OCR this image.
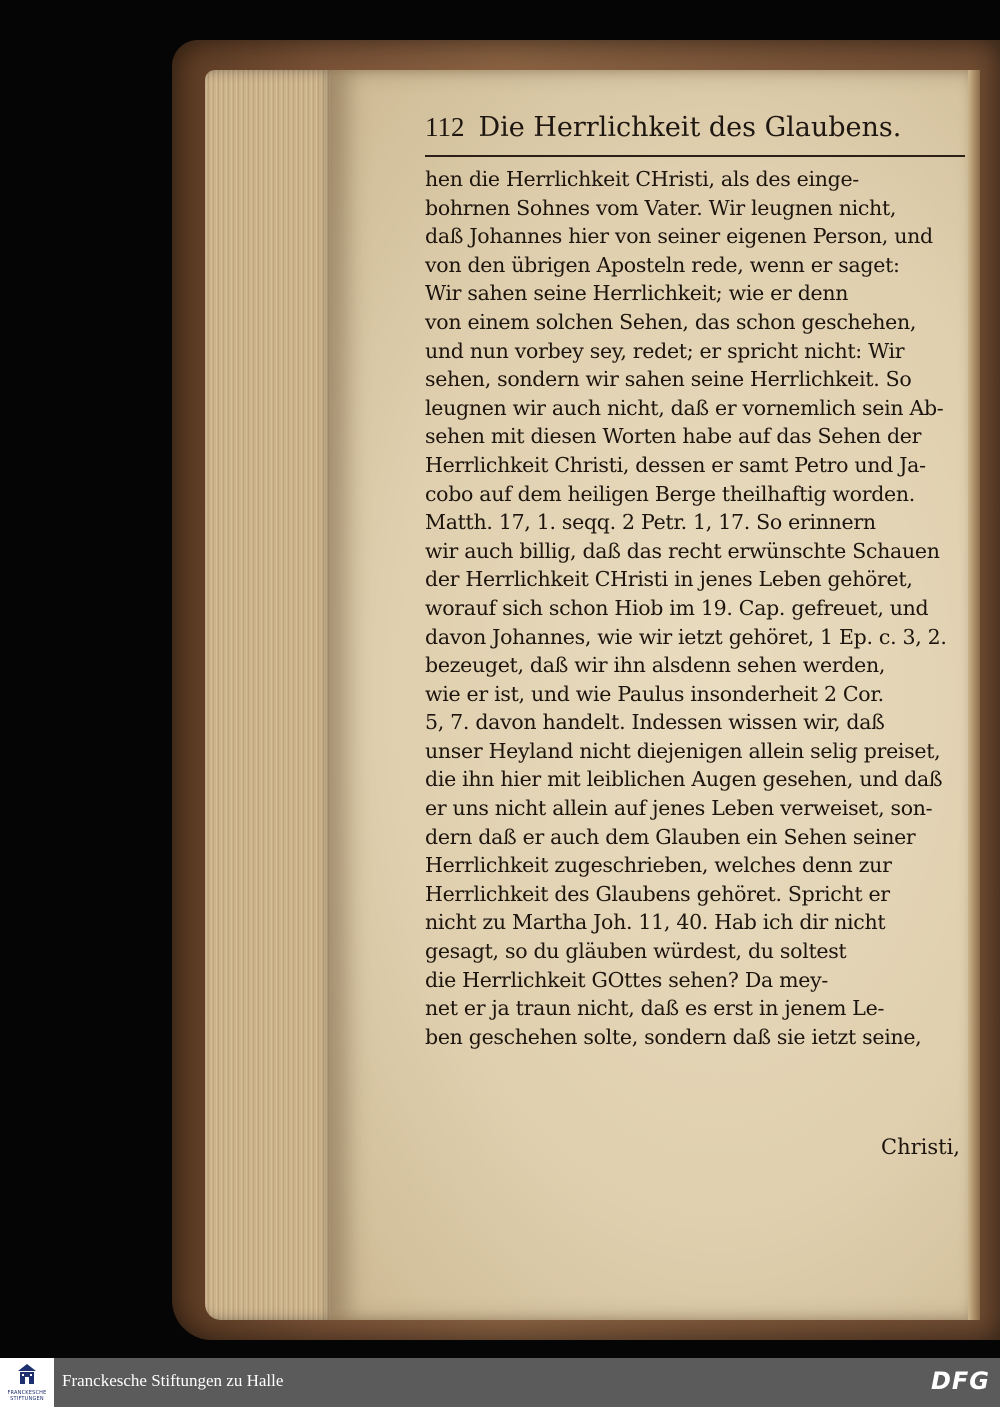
112 Die Herrlichkeit des Glaubens.
hen die Herrlichkeit CHristi, als des einge-
bohrnen Sohnes vom Vater. Wir leugnen nicht,
daß Johannes hier von seiner eigenen Person, und
von den übrigen Aposteln rede, wenn er saget:
Wir sahen seine Herrlichkeit; wie er denn
von einem solchen Sehen, das schon geschehen,
und nun vorbey sey, redet; er spricht nicht: Wir
sehen, sondern wir sahen seine Herrlichkeit. So
leugnen wir auch nicht, daß er vornemlich sein Ab-
sehen mit diesen Worten habe auf das Sehen der
Herrlichkeit Christi, dessen er samt Petro und Ja-
cobo auf dem heiligen Berge theilhaftig worden.
Matth. 17, 1. seqq. 2 Petr. 1, 17. So erinnern
wir auch billig, daß das recht erwünschte Schauen
der Herrlichkeit CHristi in jenes Leben gehöret,
worauf sich schon Hiob im 19. Cap. gefreuet, und
davon Johannes, wie wir ietzt gehöret, 1 Ep. c. 3, 2.
bezeuget, daß wir ihn alsdenn sehen werden,
wie er ist, und wie Paulus insonderheit 2 Cor.
5, 7. davon handelt. Indessen wissen wir, daß
unser Heyland nicht diejenigen allein selig preiset,
die ihn hier mit leiblichen Augen gesehen, und daß
er uns nicht allein auf jenes Leben verweiset, son-
dern daß er auch dem Glauben ein Sehen seiner
Herrlichkeit zugeschrieben, welches denn zur
Herrlichkeit des Glaubens gehöret. Spricht er
nicht zu Martha Joh. 11, 40. Hab ich dir nicht
gesagt, so du gläuben würdest, du soltest
die Herrlichkeit GOttes sehen? Da mey-
net er ja traun nicht, daß es erst in jenem Le-
ben geschehen solte, sondern daß sie ietzt seine,
Christi,
FRANCKESCHE STIFTUNGEN
Franckesche Stiftungen zu Halle	DFG
